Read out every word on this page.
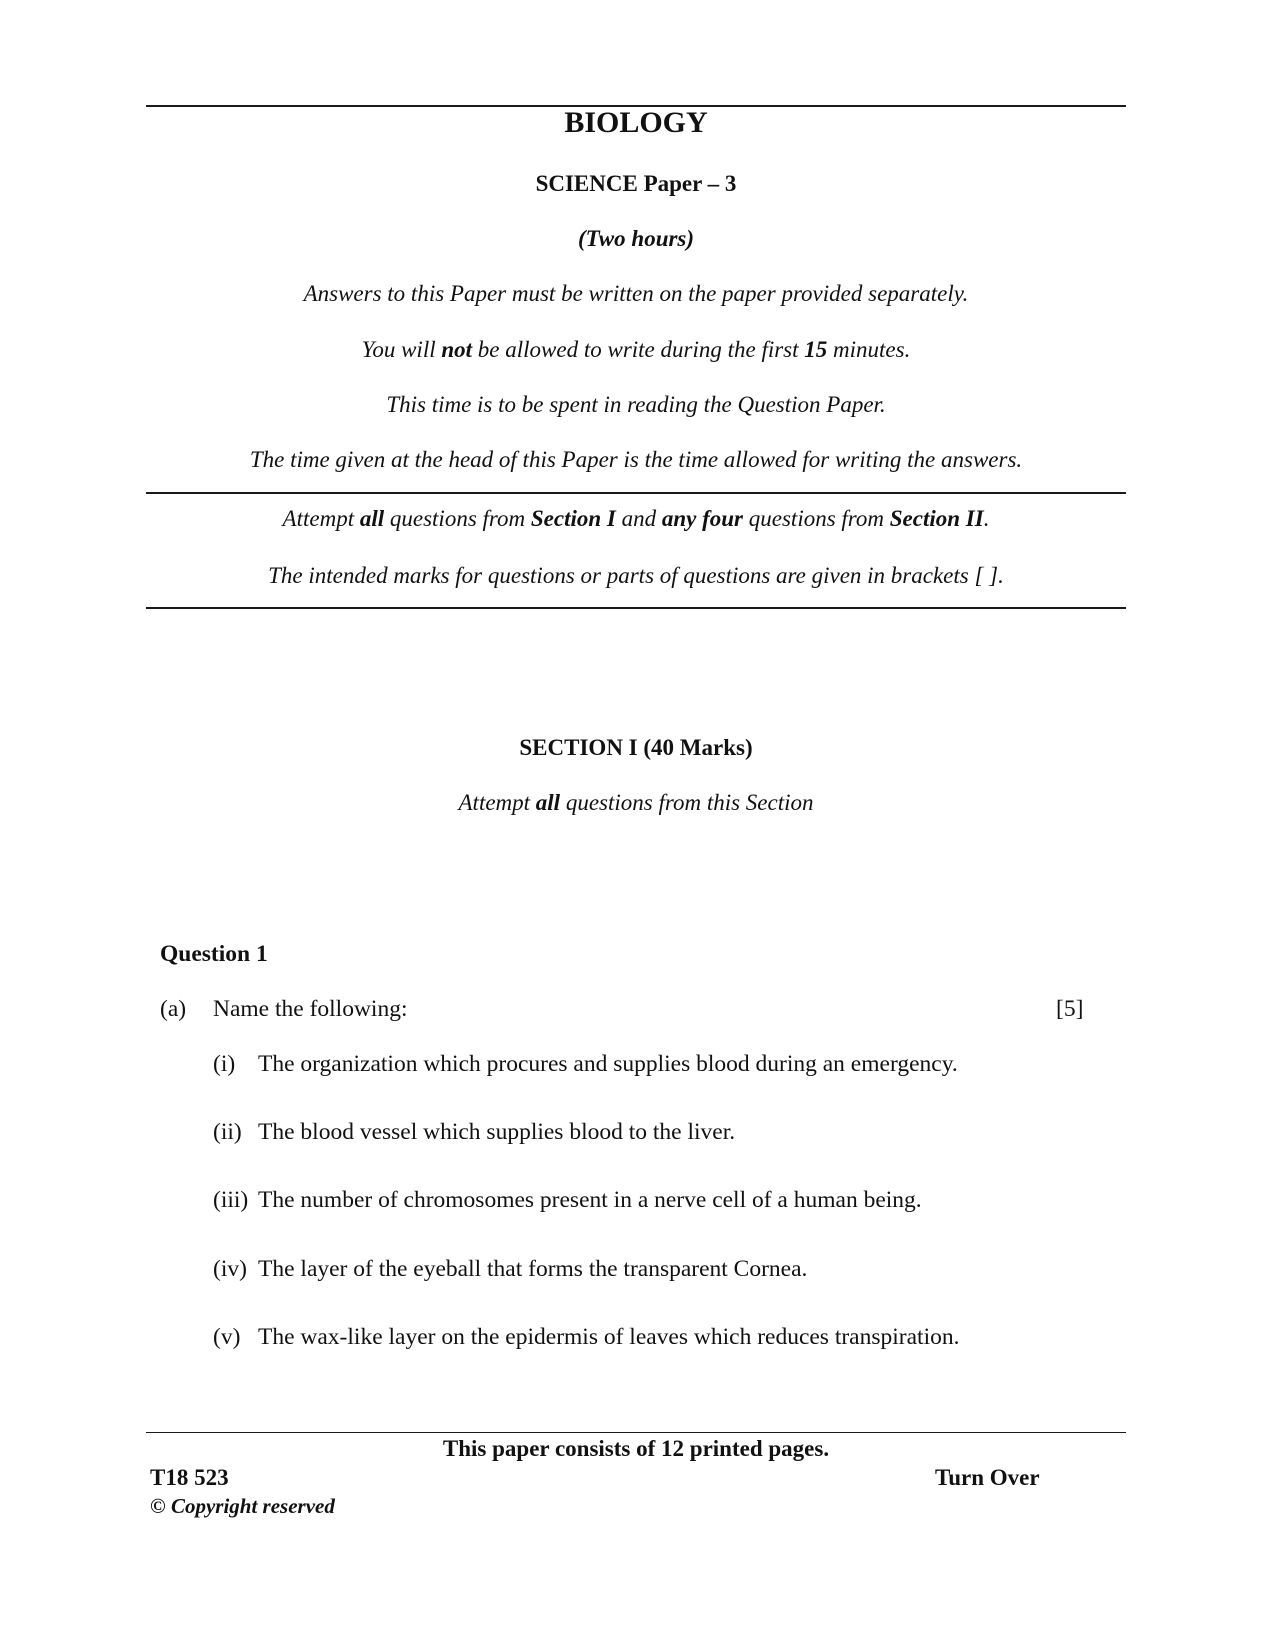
BIOLOGY
SCIENCE Paper – 3
(Two hours)
Answers to this Paper must be written on the paper provided separately.
You will not be allowed to write during the first 15 minutes.
This time is to be spent in reading the Question Paper.
The time given at the head of this Paper is the time allowed for writing the answers.
Attempt all questions from Section I and any four questions from Section II.
The intended marks for questions or parts of questions are given in brackets [ ].
SECTION I (40 Marks)
Attempt all questions from this Section
Question 1
(a) Name the following:	[5]
(i) The organization which procures and supplies blood during an emergency.
(ii) The blood vessel which supplies blood to the liver.
(iii) The number of chromosomes present in a nerve cell of a human being.
(iv) The layer of the eyeball that forms the transparent Cornea.
(v) The wax-like layer on the epidermis of leaves which reduces transpiration.
This paper consists of 12 printed pages.
T18 523	Turn Over
© Copyright reserved
